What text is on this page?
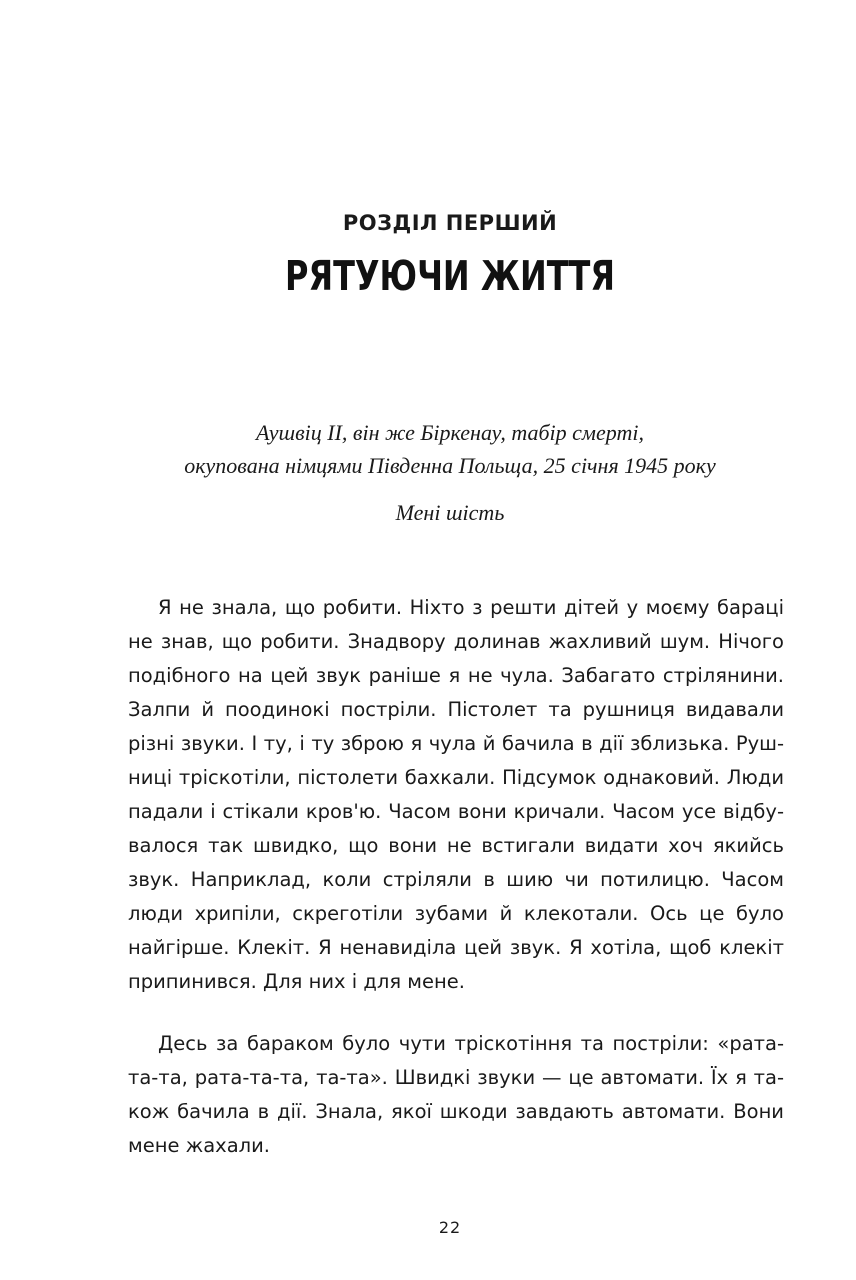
РОЗДІЛ ПЕРШИЙ
РЯТУЮЧИ ЖИТТЯ
Аушвіц ІІ, він же Біркенау, табір смерті,
окупована німцями Південна Польща, 25 січня 1945 року
Мені шість
Я не знала, що робити. Ніхто з решти дітей у моєму бараці
не знав, що робити. Знадвору долинав жахливий шум. Нічого
подібного на цей звук раніше я не чула. Забагато стрілянини.
Залпи й поодинокі постріли. Пістолет та рушниця видавали
різні звуки. І ту, і ту зброю я чула й бачила в дії зблизька. Руш-
ниці тріскотіли, пістолети бахкали. Підсумок однаковий. Люди
падали і стікали кров'ю. Часом вони кричали. Часом усе відбу-
валося так швидко, що вони не встигали видати хоч якийсь
звук. Наприклад, коли стріляли в шию чи потилицю. Часом
люди хрипіли, скреготіли зубами й клекотали. Ось це було
найгірше. Клекіт. Я ненавиділа цей звук. Я хотіла, щоб клекіт
припинився. Для них і для мене.
Десь за бараком було чути тріскотіння та постріли: «рата-
та-та, рата-та-та, та-та». Швидкі звуки — це автомати. Їх я та-
кож бачила в дії. Знала, якої шкоди завдають автомати. Вони
мене жахали.
22
